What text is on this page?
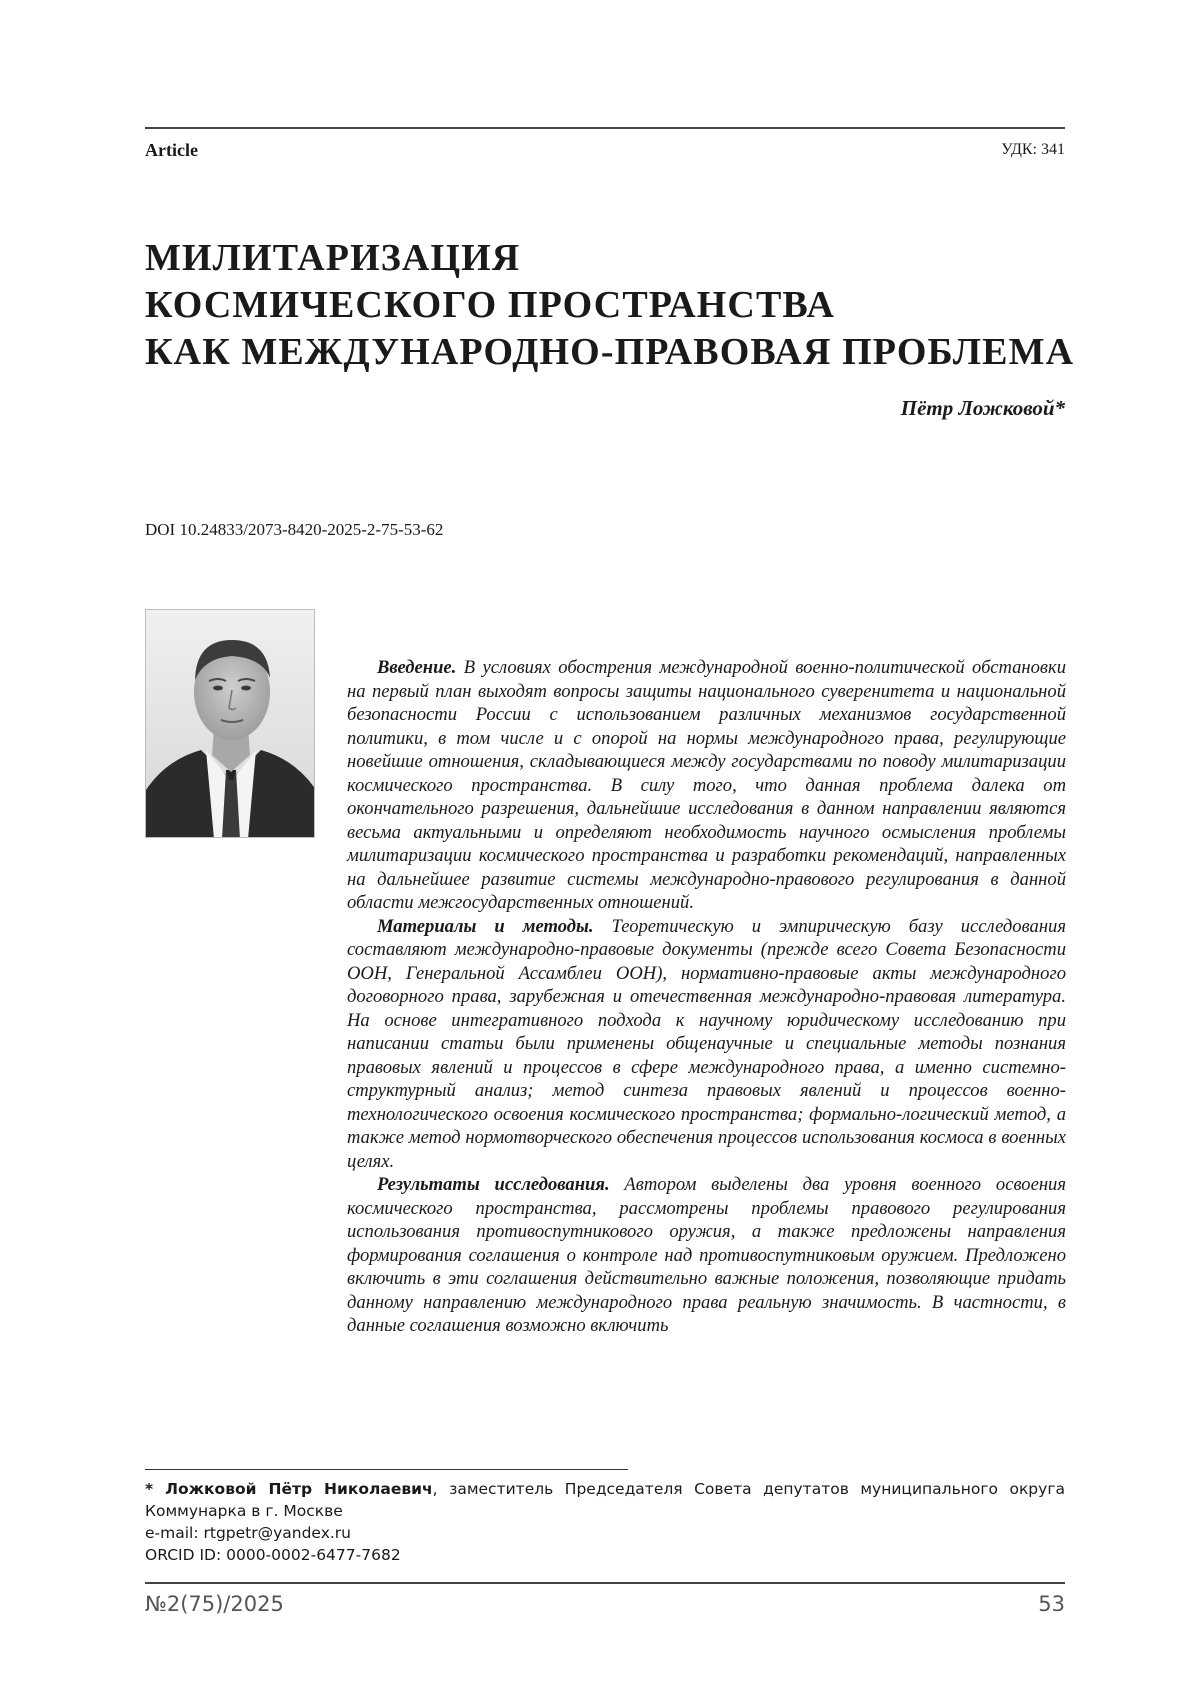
Article	УДК: 341
МИЛИТАРИЗАЦИЯ
КОСМИЧЕСКОГО ПРОСТРАНСТВА
КАК МЕЖДУНАРОДНО-ПРАВОВАЯ ПРОБЛЕМА
Пётр Ложковой*
DOI 10.24833/2073-8420-2025-2-75-53-62

Введение. В условиях обострения международной военно-политической обстановки на первый план выходят вопросы защиты национального суверенитета и национальной безопасности России с использованием различных механизмов государственной политики, в том числе и с опорой на нормы международного права, регулирующие новейшие отношения, складывающиеся между государствами по поводу милитаризации космического пространства. В силу того, что данная проблема далека от окончательного разрешения, дальнейшие исследования в данном направлении являются весьма актуальными и определяют необходимость научного осмысления проблемы милитаризации космического пространства и разработки рекомендаций, направленных на дальнейшее развитие системы международно-правового регулирования в данной области межгосударственных отношений.

Материалы и методы. Теоретическую и эмпирическую базу исследования составляют международно-правовые документы (прежде всего Совета Безопасности ООН, Генеральной Ассамблеи ООН), нормативно-правовые акты международного договорного права, зарубежная и отечественная международно-правовая литература. На основе интегративного подхода к научному юридическому исследованию при написании статьи были применены общенаучные и специальные методы познания правовых явлений и процессов в сфере международного права, а именно системно-структурный анализ; метод синтеза правовых явлений и процессов военно-технологического освоения космического пространства; формально-логический метод, а также метод нормотворческого обеспечения процессов использования космоса в военных целях.

Результаты исследования. Автором выделены два уровня военного освоения космического пространства, рассмотрены проблемы правового регулирования использования противоспутникового оружия, а также предложены направления формирования соглашения о контроле над противоспутниковым оружием. Предложено включить в эти соглашения действительно важные положения, позволяющие придать данному направлению международного права реальную значимость. В частности, в данные соглашения возможно включить

* Ложковой Пётр Николаевич, заместитель Председателя Совета депутатов муниципального округа Коммунарка в г. Москве

e-mail: rtgpetr@yandex.ru

ORCID ID: 0000-0002-6477-7682

№2(75)/2025	53
